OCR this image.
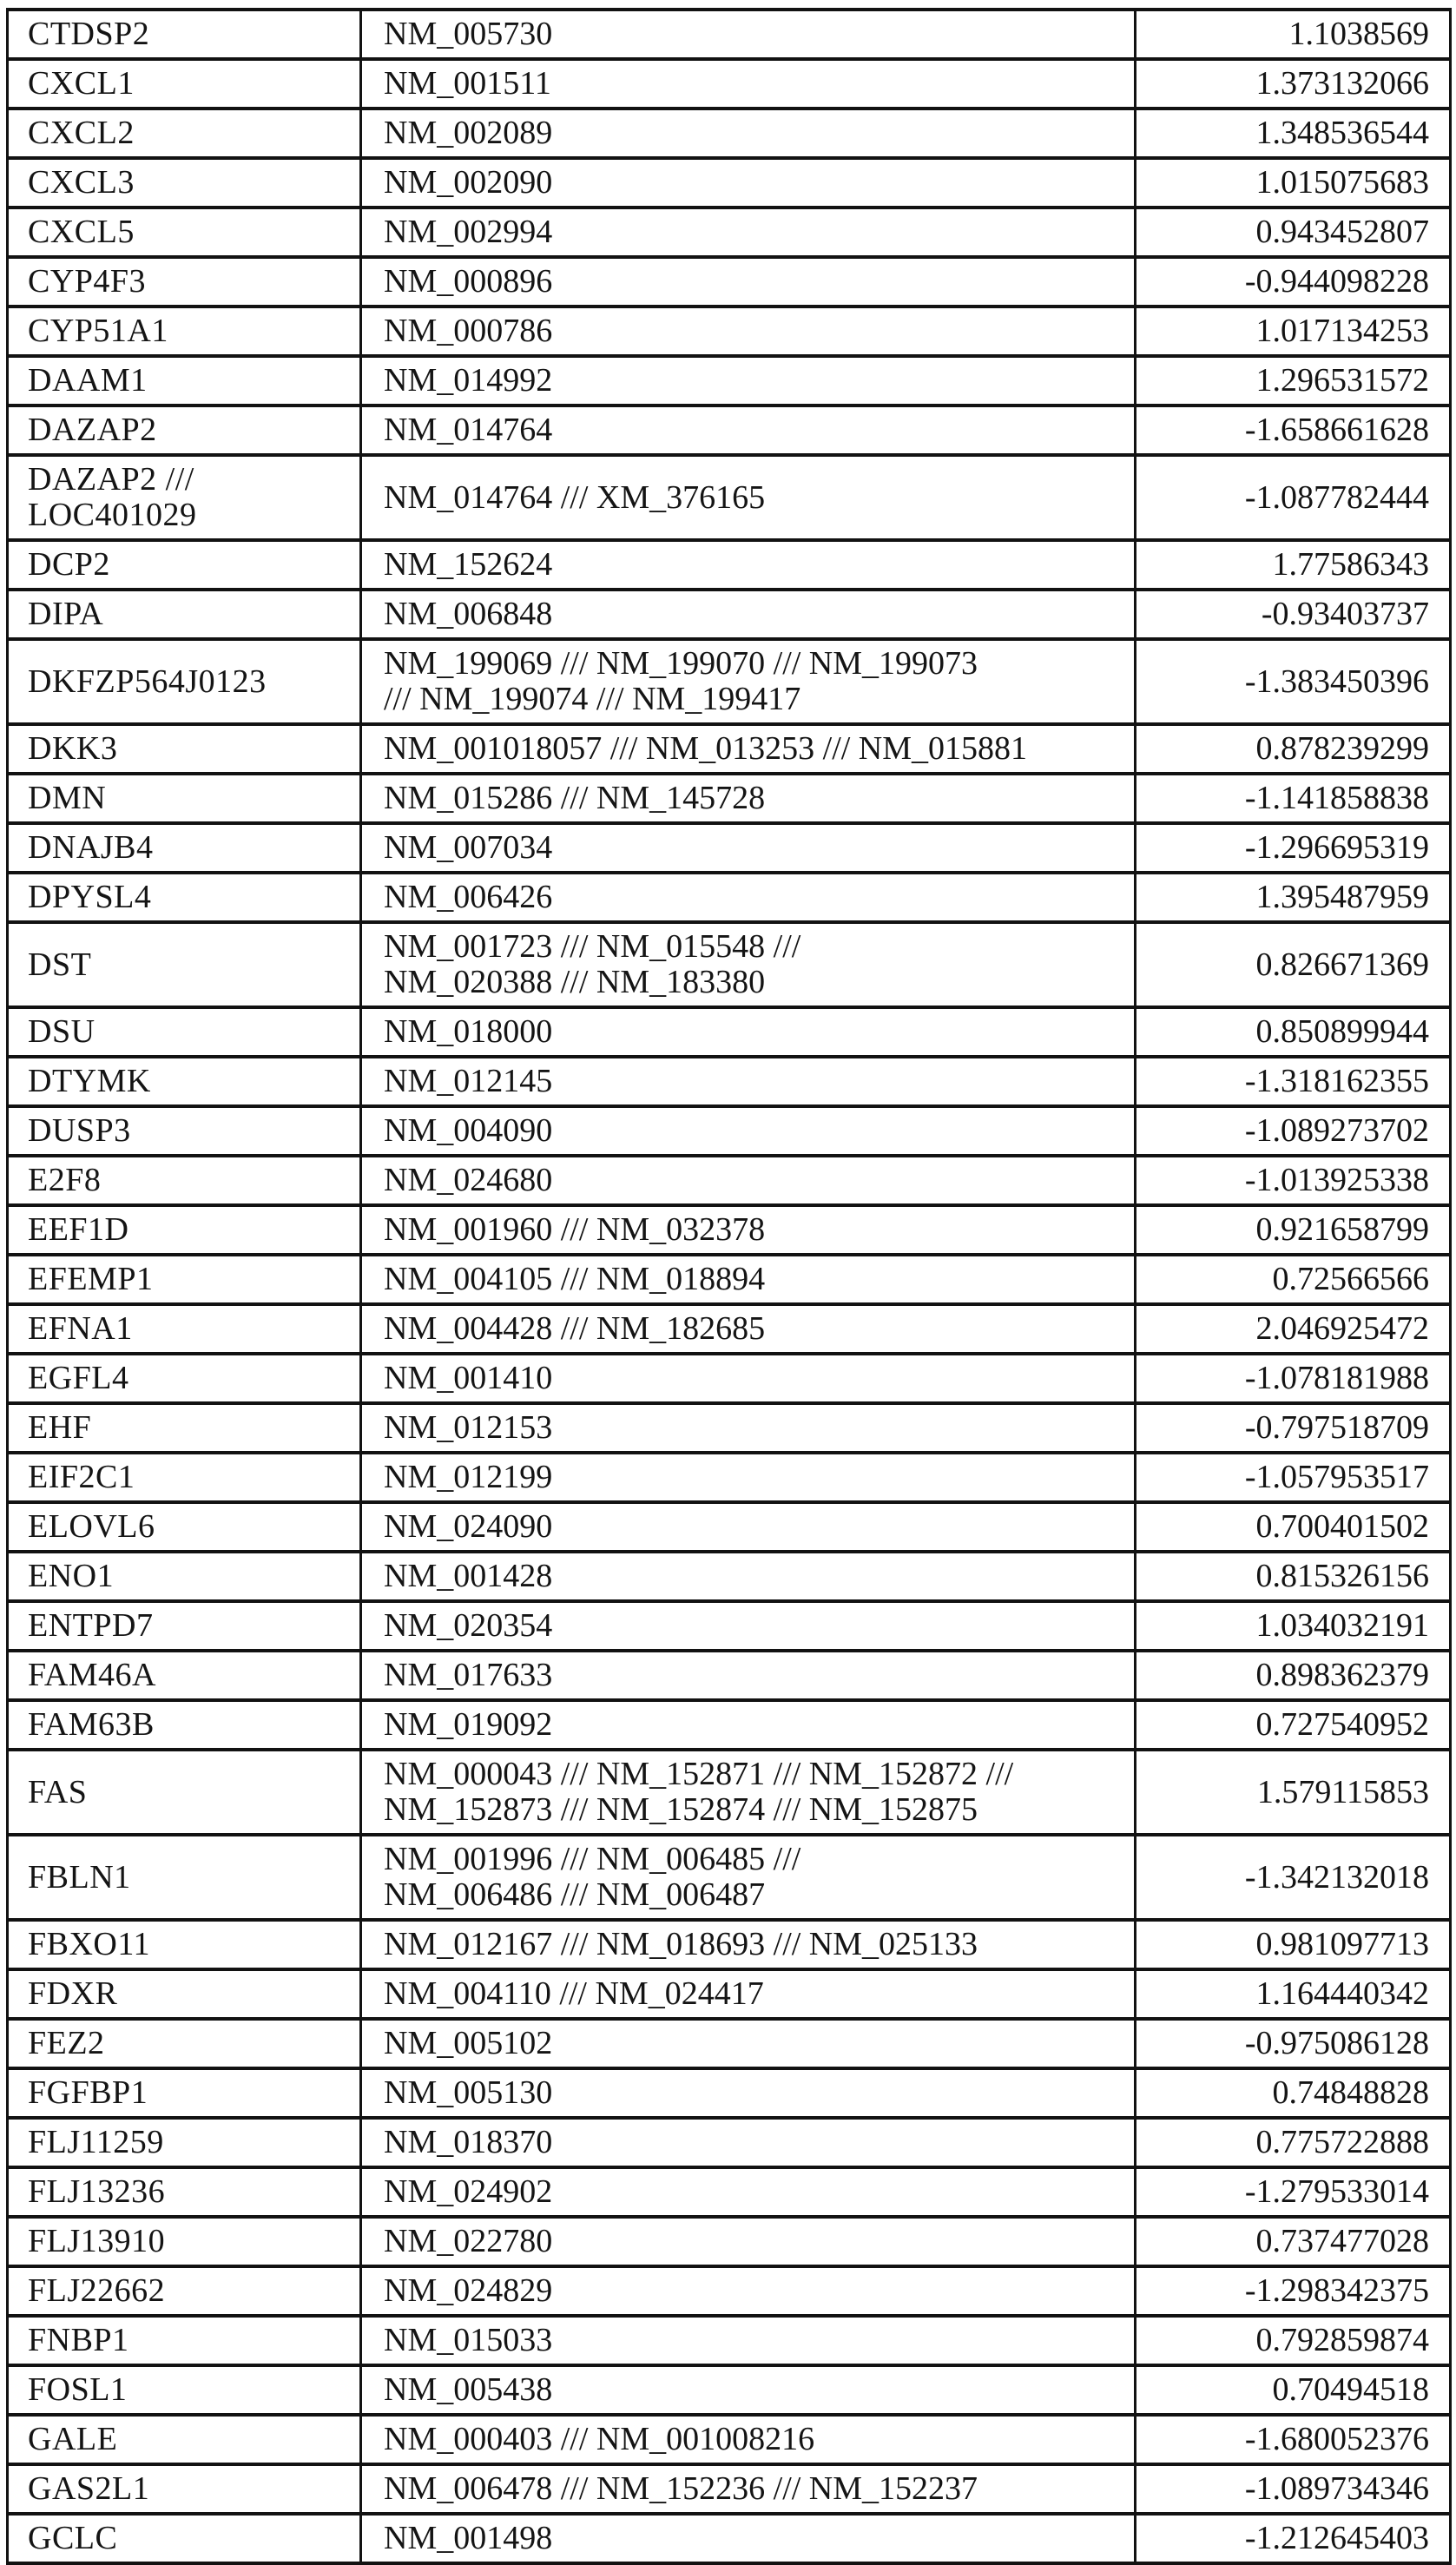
CTDSP2	NM_005730	1.1038569
CXCL1	NM_001511	1.373132066
CXCL2	NM_002089	1.348536544
CXCL3	NM_002090	1.015075683
CXCL5	NM_002994	0.943452807
CYP4F3	NM_000896	-0.944098228
CYP51A1	NM_000786	1.017134253
DAAM1	NM_014992	1.296531572
DAZAP2	NM_014764	-1.658661628
DAZAP2 ///
LOC401029	NM_014764 /// XM_376165	-1.087782444
DCP2	NM_152624	1.77586343
DIPA	NM_006848	-0.93403737
DKFZP564J0123	NM_199069 /// NM_199070 /// NM_199073
/// NM_199074 /// NM_199417	-1.383450396
DKK3	NM_001018057 /// NM_013253 /// NM_015881	0.878239299
DMN	NM_015286 /// NM_145728	-1.141858838
DNAJB4	NM_007034	-1.296695319
DPYSL4	NM_006426	1.395487959
DST	NM_001723 /// NM_015548 ///
NM_020388 /// NM_183380	0.826671369
DSU	NM_018000	0.850899944
DTYMK	NM_012145	-1.318162355
DUSP3	NM_004090	-1.089273702
E2F8	NM_024680	-1.013925338
EEF1D	NM_001960 /// NM_032378	0.921658799
EFEMP1	NM_004105 /// NM_018894	0.72566566
EFNA1	NM_004428 /// NM_182685	2.046925472
EGFL4	NM_001410	-1.078181988
EHF	NM_012153	-0.797518709
EIF2C1	NM_012199	-1.057953517
ELOVL6	NM_024090	0.700401502
ENO1	NM_001428	0.815326156
ENTPD7	NM_020354	1.034032191
FAM46A	NM_017633	0.898362379
FAM63B	NM_019092	0.727540952
FAS	NM_000043 /// NM_152871 /// NM_152872 ///
NM_152873 /// NM_152874 /// NM_152875	1.579115853
FBLN1	NM_001996 /// NM_006485 ///
NM_006486 /// NM_006487	-1.342132018
FBXO11	NM_012167 /// NM_018693 /// NM_025133	0.981097713
FDXR	NM_004110 /// NM_024417	1.164440342
FEZ2	NM_005102	-0.975086128
FGFBP1	NM_005130	0.74848828
FLJ11259	NM_018370	0.775722888
FLJ13236	NM_024902	-1.279533014
FLJ13910	NM_022780	0.737477028
FLJ22662	NM_024829	-1.298342375
FNBP1	NM_015033	0.792859874
FOSL1	NM_005438	0.70494518
GALE	NM_000403 /// NM_001008216	-1.680052376
GAS2L1	NM_006478 /// NM_152236 /// NM_152237	-1.089734346
GCLC	NM_001498	-1.212645403
